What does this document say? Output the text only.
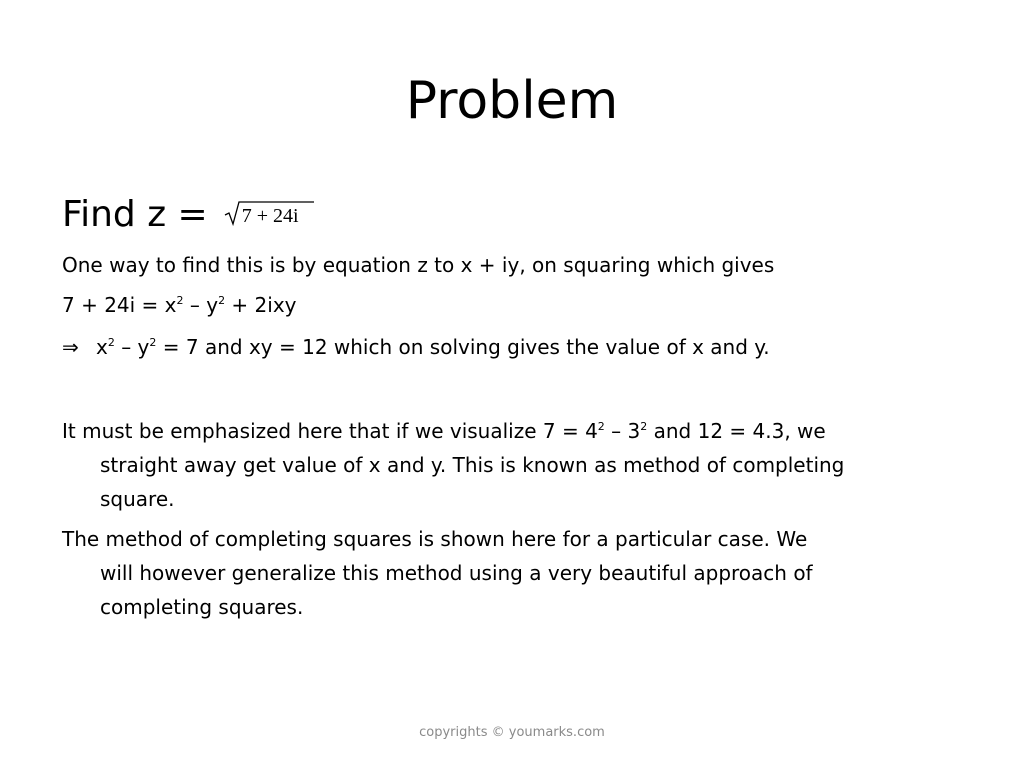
Problem
Find z = 7 + 24i
One way to find this is by equation z to x + iy, on squaring which gives
$7 + 24i = x^2 - y^2 + 2ixy$
⇒ $x^2 - y^2 = 7$ and xy = 12 which on solving gives the value of x and y.
It must be emphasized here that if we visualize $7 = 4^2 - 3^2$ and 12 = 4.3, we
straight away get value of x and y. This is known as method of completing
square.
The method of completing squares is shown here for a particular case. We
will however generalize this method using a very beautiful approach of
completing squares.
copyrights © youmarks.com
